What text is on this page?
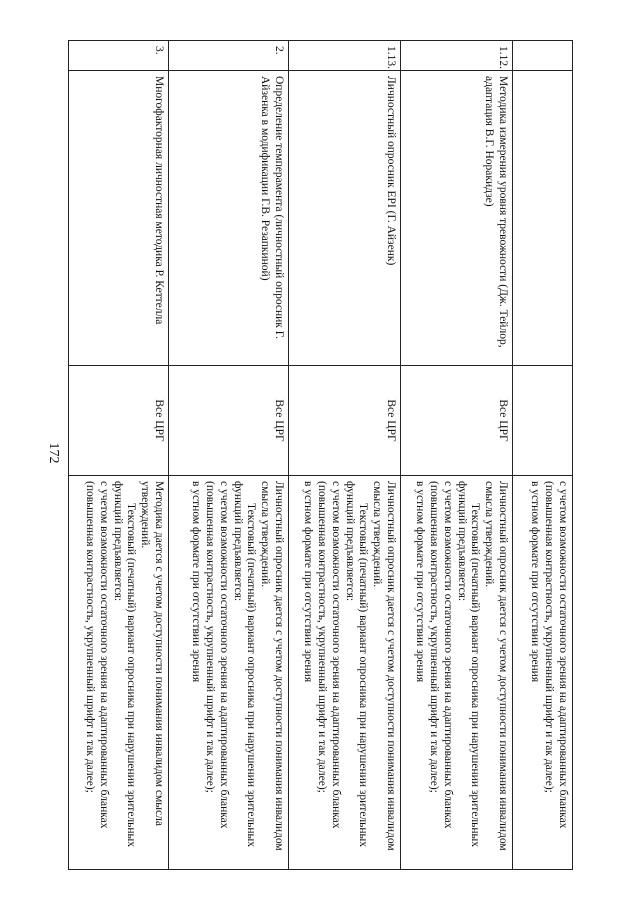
172

			с учетом возможности остаточного зрения на адаптированных бланках (повышенная контрастность, укрупненный шрифт и так далее);

в устном формате при отсутствии зрения

1.12.	Методика измерения уровня тревожности (Дж. Тейлор, адаптация В.Г. Норакидзе)	Все ЦРГ	Личностный опросник дается с учетом доступности понимания инвалидом смысла утверждений.

Текстовый (печатный) вариант опросника при нарушении зрительных функций предъявляется:

с учетом возможности остаточного зрения на адаптированных бланках (повышенная контрастность, укрупненный шрифт и так далее);

в устном формате при отсутствии зрения

1.13.	Личностный опросник EPI (Г. Айзенк)	Все ЦРГ	Личностный опросник дается с учетом доступности понимания инвалидом смысла утверждений.

Текстовый (печатный) вариант опросника при нарушении зрительных функций предъявляется:

с учетом возможности остаточного зрения на адаптированных бланках (повышенная контрастность, укрупненный шрифт и так далее);

в устном формате при отсутствии зрения

2.	Определение темперамента (личностный опросник Г. Айзенка в модификации Г.В. Резапкиной)	Все ЦРГ	Личностный опросник дается с учетом доступности понимания инвалидом смысла утверждений.

Текстовый (печатный) вариант опросника при нарушении зрительных функций предъявляется:

с учетом возможности остаточного зрения на адаптированных бланках (повышенная контрастность, укрупненный шрифт и так далее);

в устном формате при отсутствии зрения

3.	Многофакторная личностная методика Р. Кеттелла	Все ЦРГ	Методика дается с учетом доступности понимания инвалидом смысла утверждений.

Текстовый (печатный) вариант опросника при нарушении зрительных функций предъявляется:

с учетом возможности остаточного зрения на адаптированных бланках (повышенная контрастность, укрупненный шрифт и так далее);
